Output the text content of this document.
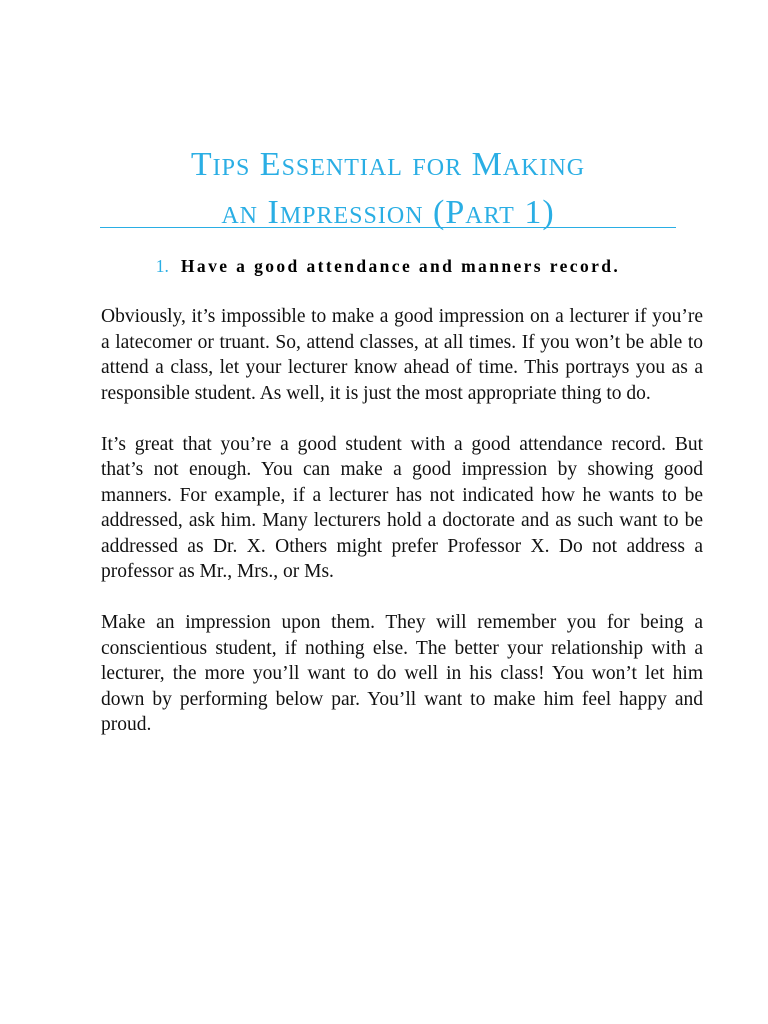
Tips Essential for Making
an Impression (Part 1)
1. Have a good attendance and manners record.

Obviously, it’s impossible to make a good impression on a lecturer if you’re a latecomer or truant. So, attend classes, at all times. If you won’t be able to attend a class, let your lecturer know ahead of time. This portrays you as a responsible student. As well, it is just the most appropriate thing to do.

It’s great that you’re a good student with a good attendance record. But that’s not enough. You can make a good impression by showing good manners. For example, if a lecturer has not indicated how he wants to be addressed, ask him. Many lecturers hold a doctorate and as such want to be addressed as Dr. X. Others might prefer Professor X. Do not address a professor as Mr., Mrs., or Ms.

Make an impression upon them. They will remember you for being a conscientious student, if nothing else. The better your relationship with a lecturer, the more you’ll want to do well in his class! You won’t let him down by performing below par. You’ll want to make him feel happy and proud.
